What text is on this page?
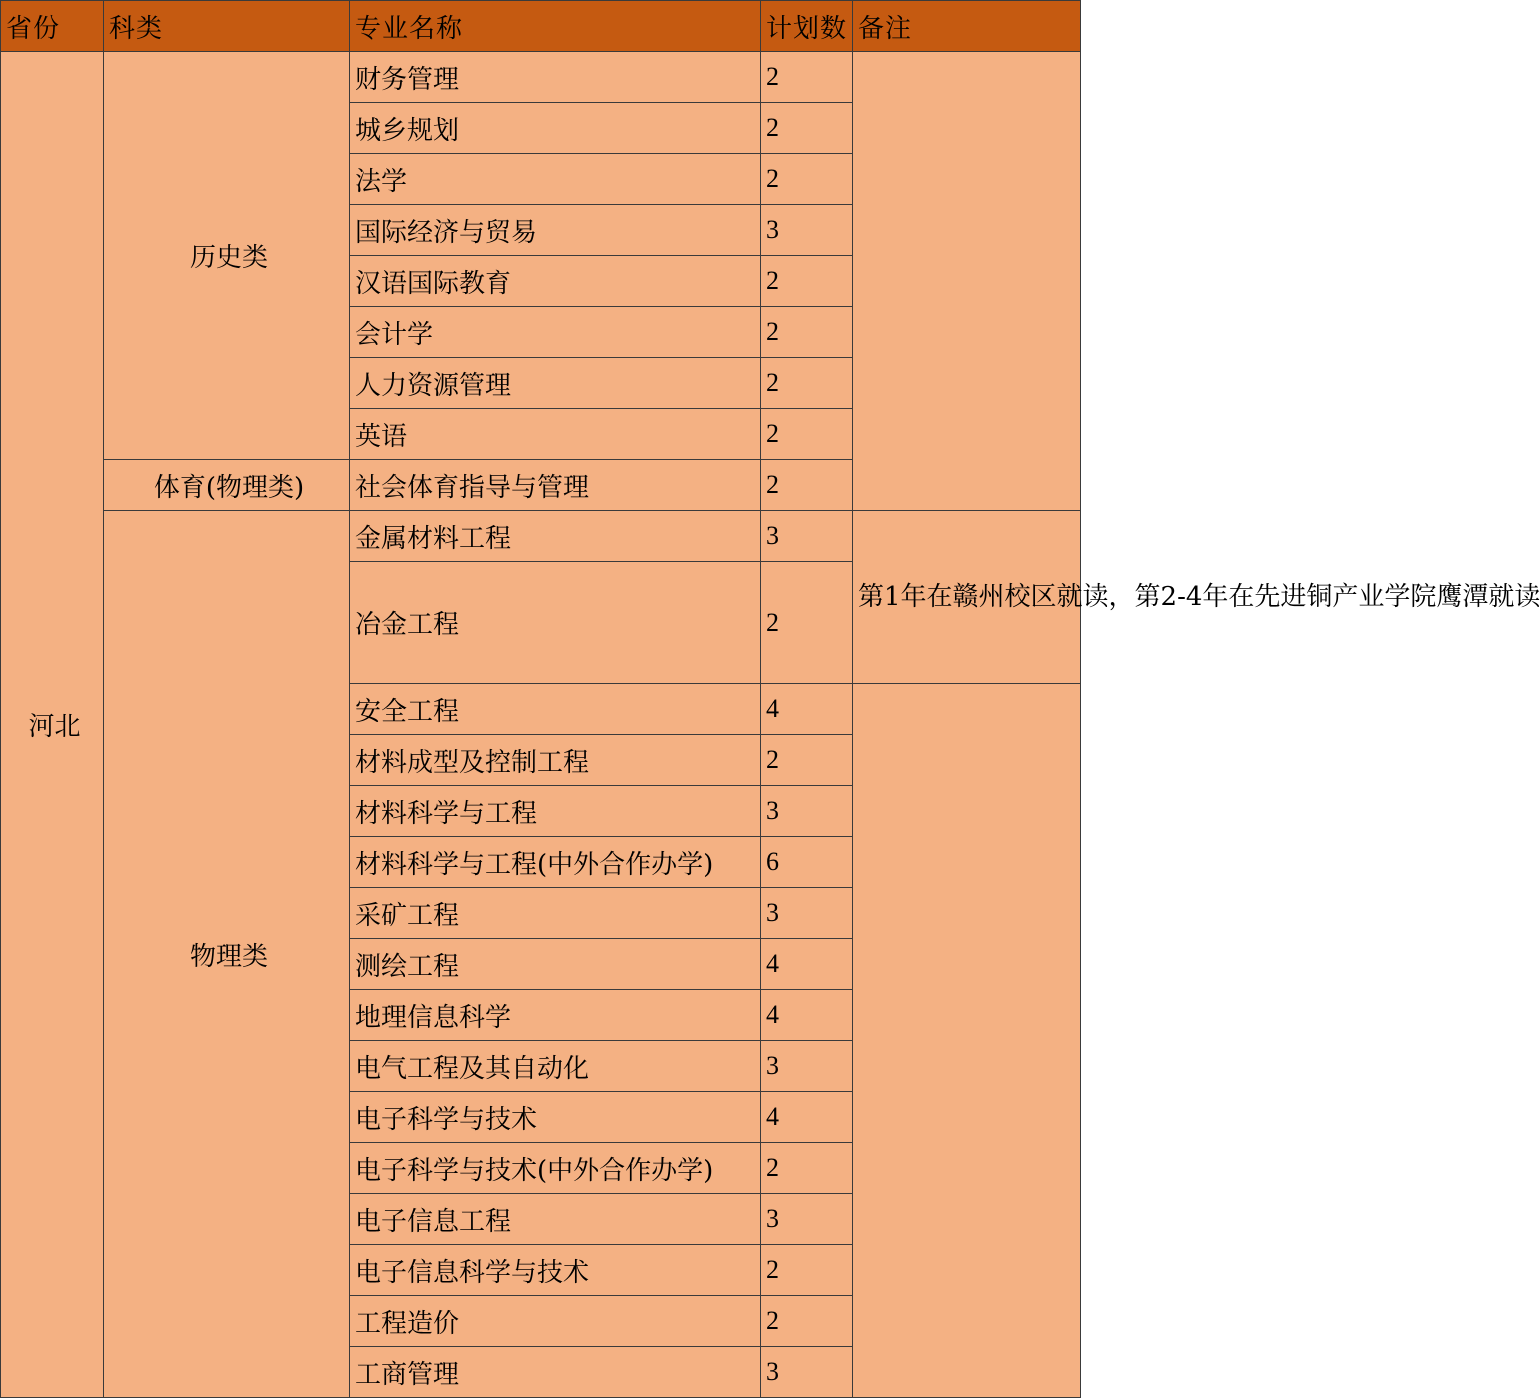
省份	科类	专业名称	计划数	备注
河北	历史类	财务管理	2	
		城乡规划	2	
		法学	2	
		国际经济与贸易	3	
		汉语国际教育	2	
		会计学	2	
		人力资源管理	2	
		英语	2	
	体育(物理类)	社会体育指导与管理	2	
	物理类	金属材料工程	3	第1年在赣州校区就读，第2-4年在先进铜产业学院鹰潭就读
		冶金工程	2	
		安全工程	4	
		材料成型及控制工程	2	
		材料科学与工程	3	
		材料科学与工程(中外合作办学)	6	
		采矿工程	3	
		测绘工程	4	
		地理信息科学	4	
		电气工程及其自动化	3	
		电子科学与技术	4	
		电子科学与技术(中外合作办学)	2	
		电子信息工程	3	
		电子信息科学与技术	2	
		工程造价	2	
		工商管理	3	
